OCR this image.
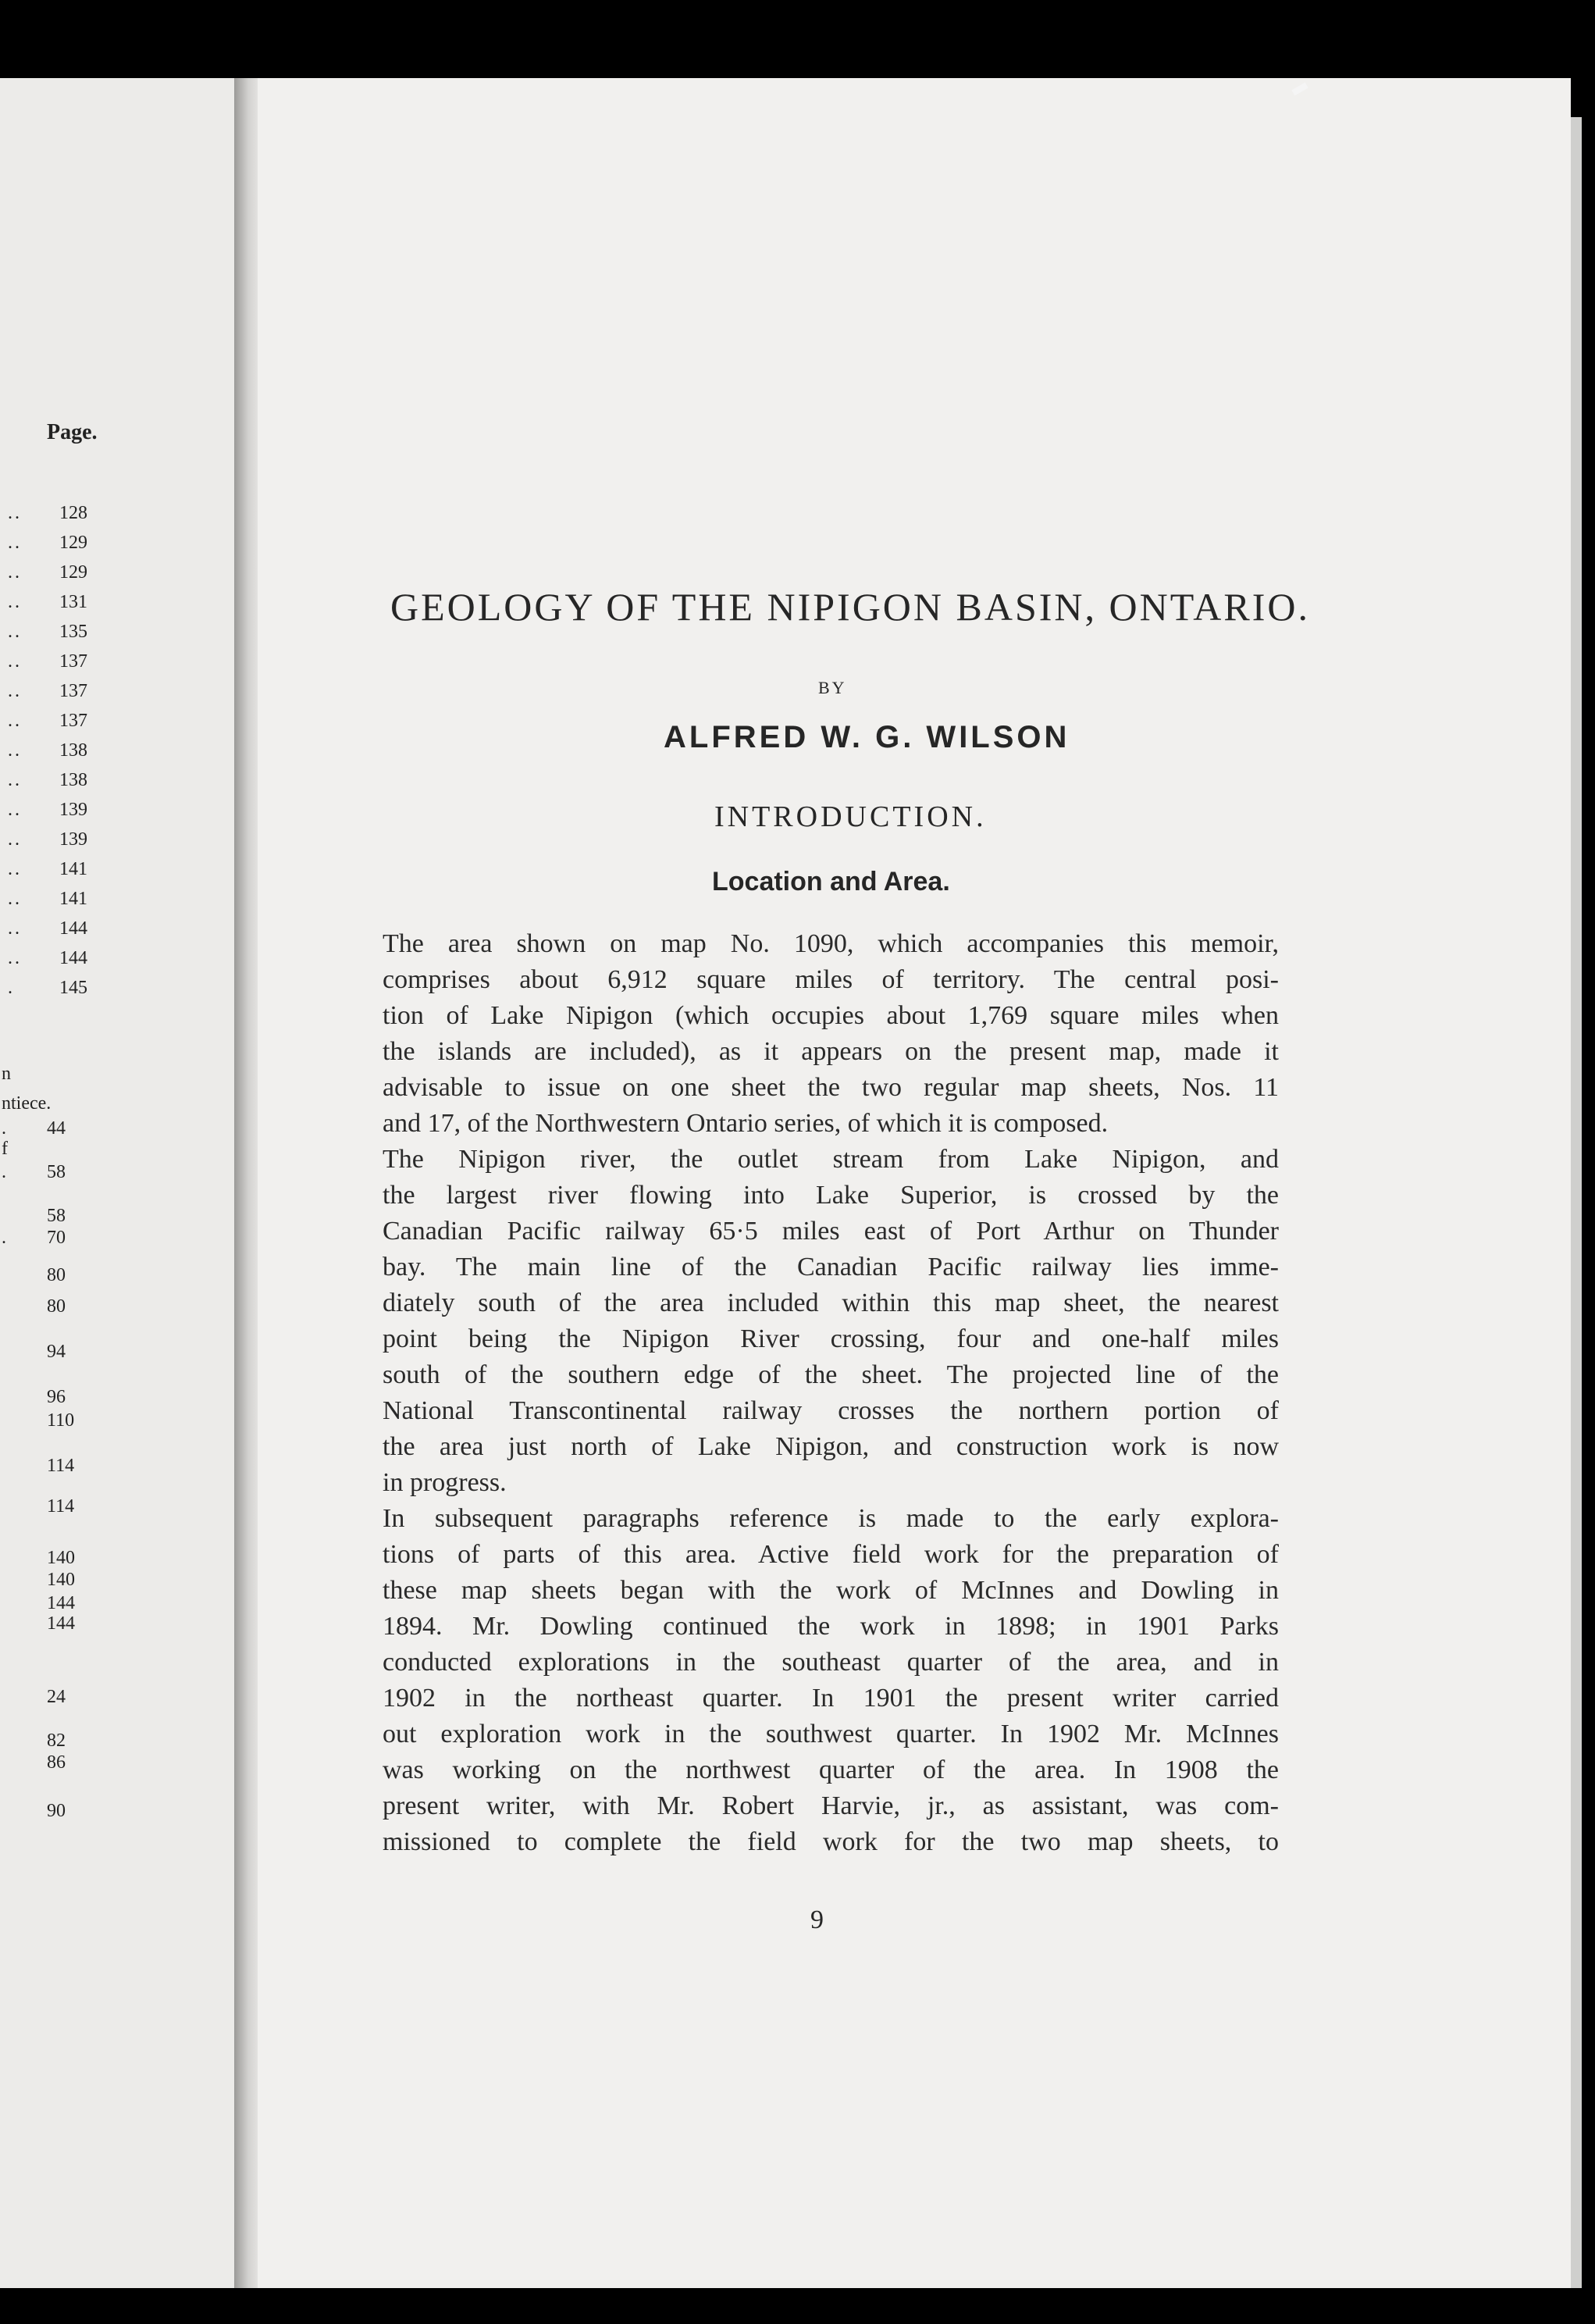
Page.
.. 128
.. 129
.. 129
.. 131
.. 135
.. 137
.. 137
.. 137
.. 138
.. 138
.. 139
.. 139
.. 141
.. 141
.. 144
.. 144
. 145
n
ntiece.
. 44
f
. 58
58
. 70
80
80
94
96
110
114
114
140
140
144
144
24
82
86
90
GEOLOGY OF THE NIPIGON BASIN, ONTARIO.
BY
ALFRED W. G. WILSON
INTRODUCTION.
Location and Area.
The area shown on map No. 1090, which accompanies this memoir,
comprises about 6,912 square miles of territory. The central posi-
tion of Lake Nipigon (which occupies about 1,769 square miles when
the islands are included), as it appears on the present map, made it
advisable to issue on one sheet the two regular map sheets, Nos. 11
and 17, of the Northwestern Ontario series, of which it is composed.
The Nipigon river, the outlet stream from Lake Nipigon, and
the largest river flowing into Lake Superior, is crossed by the
Canadian Pacific railway 65·5 miles east of Port Arthur on Thunder
bay. The main line of the Canadian Pacific railway lies imme-
diately south of the area included within this map sheet, the nearest
point being the Nipigon River crossing, four and one-half miles
south of the southern edge of the sheet. The projected line of the
National Transcontinental railway crosses the northern portion of
the area just north of Lake Nipigon, and construction work is now
in progress.
In subsequent paragraphs reference is made to the early explora-
tions of parts of this area. Active field work for the preparation of
these map sheets began with the work of McInnes and Dowling in
1894. Mr. Dowling continued the work in 1898; in 1901 Parks
conducted explorations in the southeast quarter of the area, and in
1902 in the northeast quarter. In 1901 the present writer carried
out exploration work in the southwest quarter. In 1902 Mr. McInnes
was working on the northwest quarter of the area. In 1908 the
present writer, with Mr. Robert Harvie, jr., as assistant, was com-
missioned to complete the field work for the two map sheets, to
9
